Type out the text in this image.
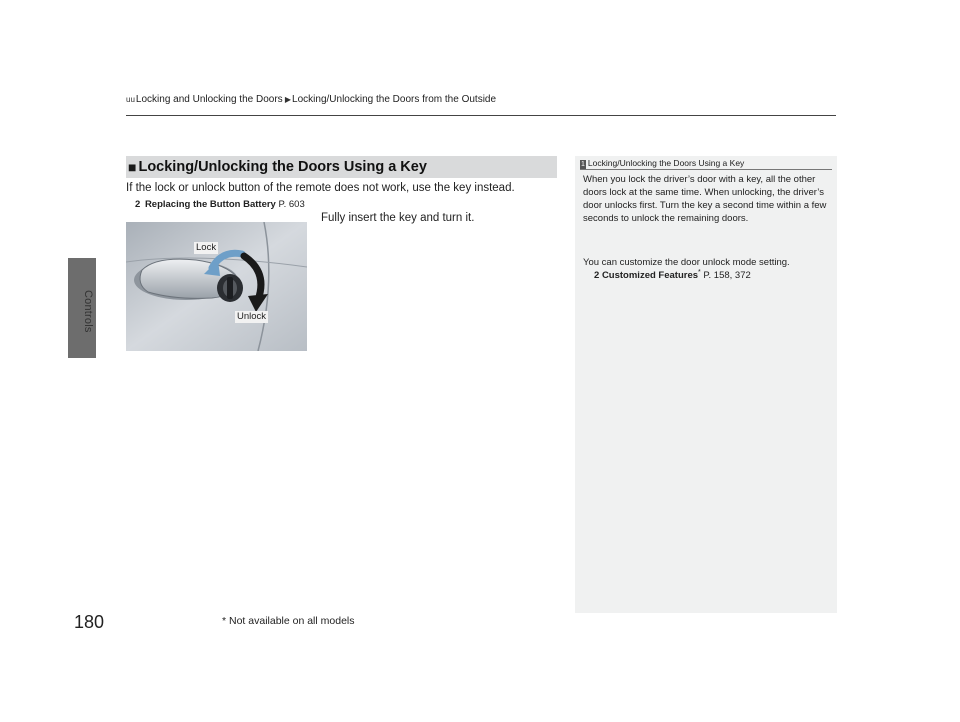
Controls
180
uuLocking and Unlocking the Doors ▶Locking/Unlocking the Doors from the Outside
■ Locking/Unlocking the Doors Using a Key
If the lock or unlock button of the remote does not work, use the key instead.
2 Replacing the Button Battery P. 603
Fully insert the key and turn it.
Lock
Unlock
1 Locking/Unlocking the Doors Using a Key
When you lock the driver’s door with a key, all the other doors lock at the same time. When unlocking, the driver’s door unlocks first. Turn the key a second time within a few seconds to unlock the remaining doors.
You can customize the door unlock mode setting.
2 Customized Features* P. 158, 372
* Not available on all models
